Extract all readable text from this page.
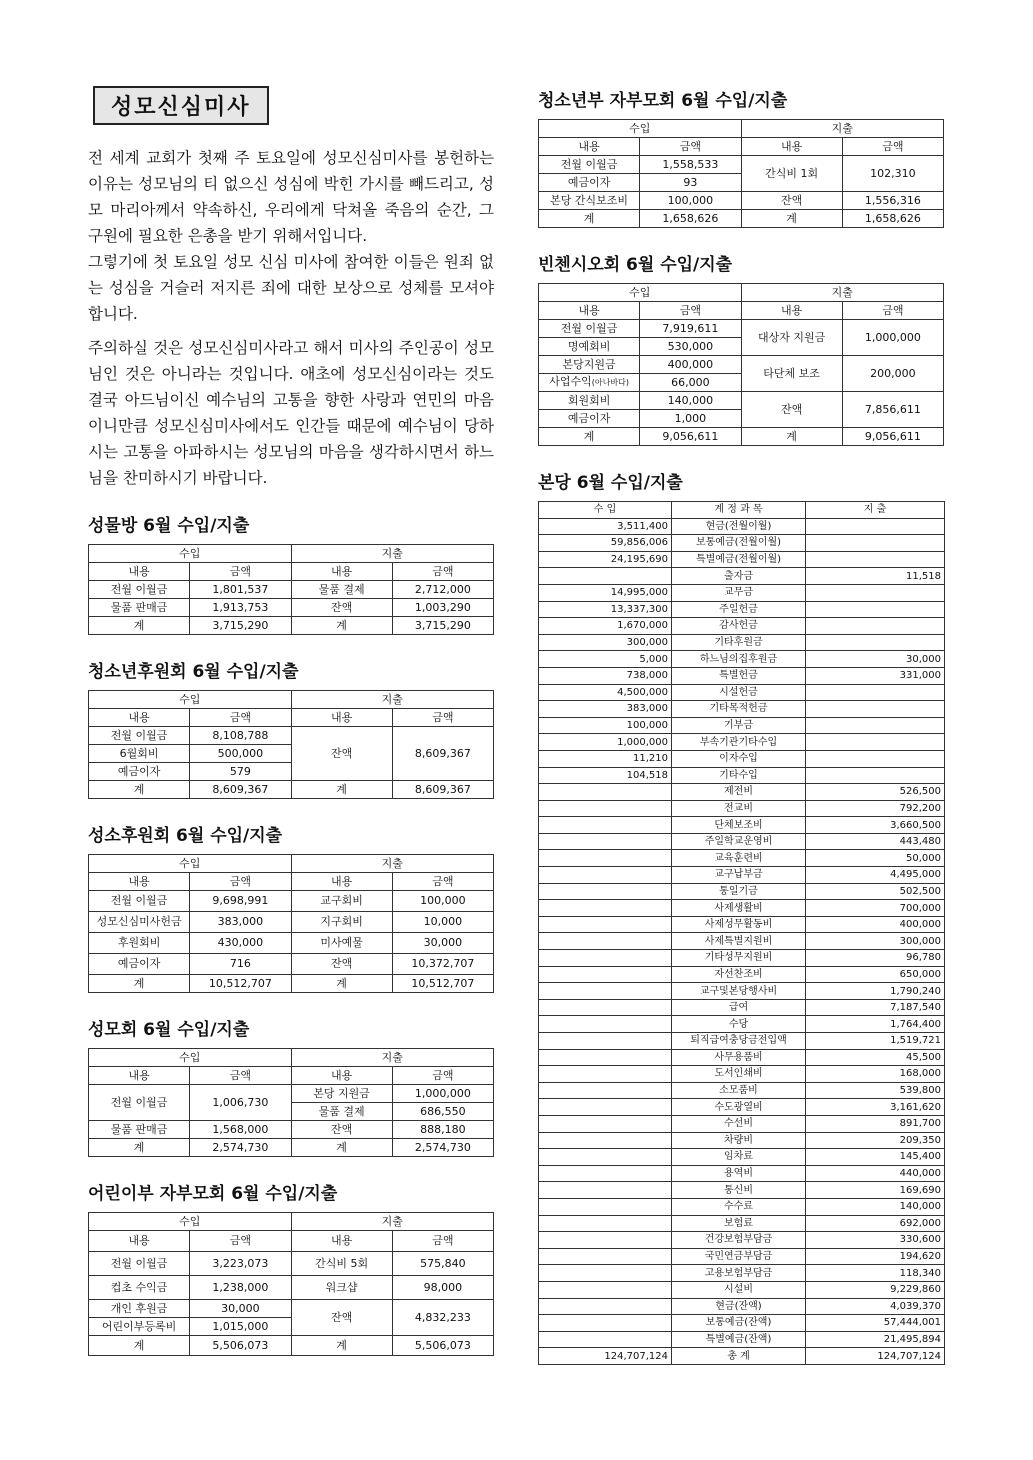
성모신심미사

전 세계 교회가 첫째 주 토요일에 성모신심미사를 봉헌하는 이유는 성모님의 티 없으신 성심에 박힌 가시를 빼드리고, 성모 마리아께서 약속하신, 우리에게 닥쳐올 죽음의 순간, 그 구원에 필요한 은총을 받기 위해서입니다.

그렇기에 첫 토요일 성모 신심 미사에 참여한 이들은 원죄 없는 성심을 거슬러 저지른 죄에 대한 보상으로 성체를 모셔야 합니다.

주의하실 것은 성모신심미사라고 해서 미사의 주인공이 성모님인 것은 아니라는 것입니다. 애초에 성모신심이라는 것도 결국 아드님이신 예수님의 고통을 향한 사랑과 연민의 마음이니만큼 성모신심미사에서도 인간들 때문에 예수님이 당하시는 고통을 아파하시는 성모님의 마음을 생각하시면서 하느님을 찬미하시기 바랍니다.

성물방 6월 수입/지출
수입		지출	
내용	금액	내용	금액
전월 이월금	1,801,537	물품 결제	2,712,000
물품 판매금	1,913,753	잔액	1,003,290
계	3,715,290	계	3,715,290
청소년후원회 6월 수입/지출
수입		지출	
내용	금액	내용	금액
전월 이월금	8,108,788	잔액	8,609,367
6월회비	500,000		
예금이자	579		
계	8,609,367	계	8,609,367
성소후원회 6월 수입/지출
수입		지출	
내용	금액	내용	금액
전월 이월금	9,698,991	교구회비	100,000
성모신심미사헌금	383,000	지구회비	10,000
후원회비	430,000	미사예물	30,000
예금이자	716	잔액	10,372,707
계	10,512,707	계	10,512,707
성모회 6월 수입/지출
수입		지출	
내용	금액	내용	금액
전월 이월금	1,006,730	본당 지원금	1,000,000
		물품 결제	686,550
물품 판매금	1,568,000	잔액	888,180
계	2,574,730	계	2,574,730
어린이부 자부모회 6월 수입/지출
수입		지출	
내용	금액	내용	금액
전월 이월금	3,223,073	간식비 5회	575,840
컵초 수익금	1,238,000	워크샵	98,000
개인 후원금	30,000	잔액	4,832,233
어린이부등록비	1,015,000		
계	5,506,073	계	5,506,073
청소년부 자부모회 6월 수입/지출
수입		지출	
내용	금액	내용	금액
전월 이월금	1,558,533	간식비 1회	102,310
예금이자	93		
본당 간식보조비	100,000	잔액	1,556,316
계	1,658,626	계	1,658,626
빈첸시오회 6월 수입/지출
수입		지출	
내용	금액	내용	금액
전월 이월금	7,919,611	대상자 지원금	1,000,000
명예회비	530,000		
본당지원금	400,000	타단체 보조	200,000
사업수익(아나바다)	66,000		
회원회비	140,000	잔액	7,856,611
예금이자	1,000		
계	9,056,611	계	9,056,611
본당 6월 수입/지출
수 입	계 정 과 목	지 출
3,511,400	현금(전월이월)	
59,856,006	보통예금(전월이월)	
24,195,690	특별예금(전월이월)	
	출자금	11,518
14,995,000	교무금	
13,337,300	주일헌금	
1,670,000	감사헌금	
300,000	기타후원금	
5,000	하느님의집후원금	30,000
738,000	특별헌금	331,000
4,500,000	시설헌금	
383,000	기타목적헌금	
100,000	기부금	
1,000,000	부속기관기타수입	
11,210	이자수입	
104,518	기타수입	
	제전비	526,500
	전교비	792,200
	단체보조비	3,660,500
	주일학교운영비	443,480
	교육훈련비	50,000
	교구납부금	4,495,000
	통일기금	502,500
	사제생활비	700,000
	사제성무활동비	400,000
	사제특별지원비	300,000
	기타성무지원비	96,780
	자선찬조비	650,000
	교구및본당행사비	1,790,240
	급여	7,187,540
	수당	1,764,400
	퇴직급여충당금전입액	1,519,721
	사무용품비	45,500
	도서인쇄비	168,000
	소모품비	539,800
	수도광열비	3,161,620
	수선비	891,700
	차량비	209,350
	임차료	145,400
	용역비	440,000
	통신비	169,690
	수수료	140,000
	보험료	692,000
	건강보험부담금	330,600
	국민연금부담금	194,620
	고용보험부담금	118,340
	시설비	9,229,860
	현금(잔액)	4,039,370
	보통예금(잔액)	57,444,001
	특별예금(잔액)	21,495,894
124,707,124	총 계	124,707,124
